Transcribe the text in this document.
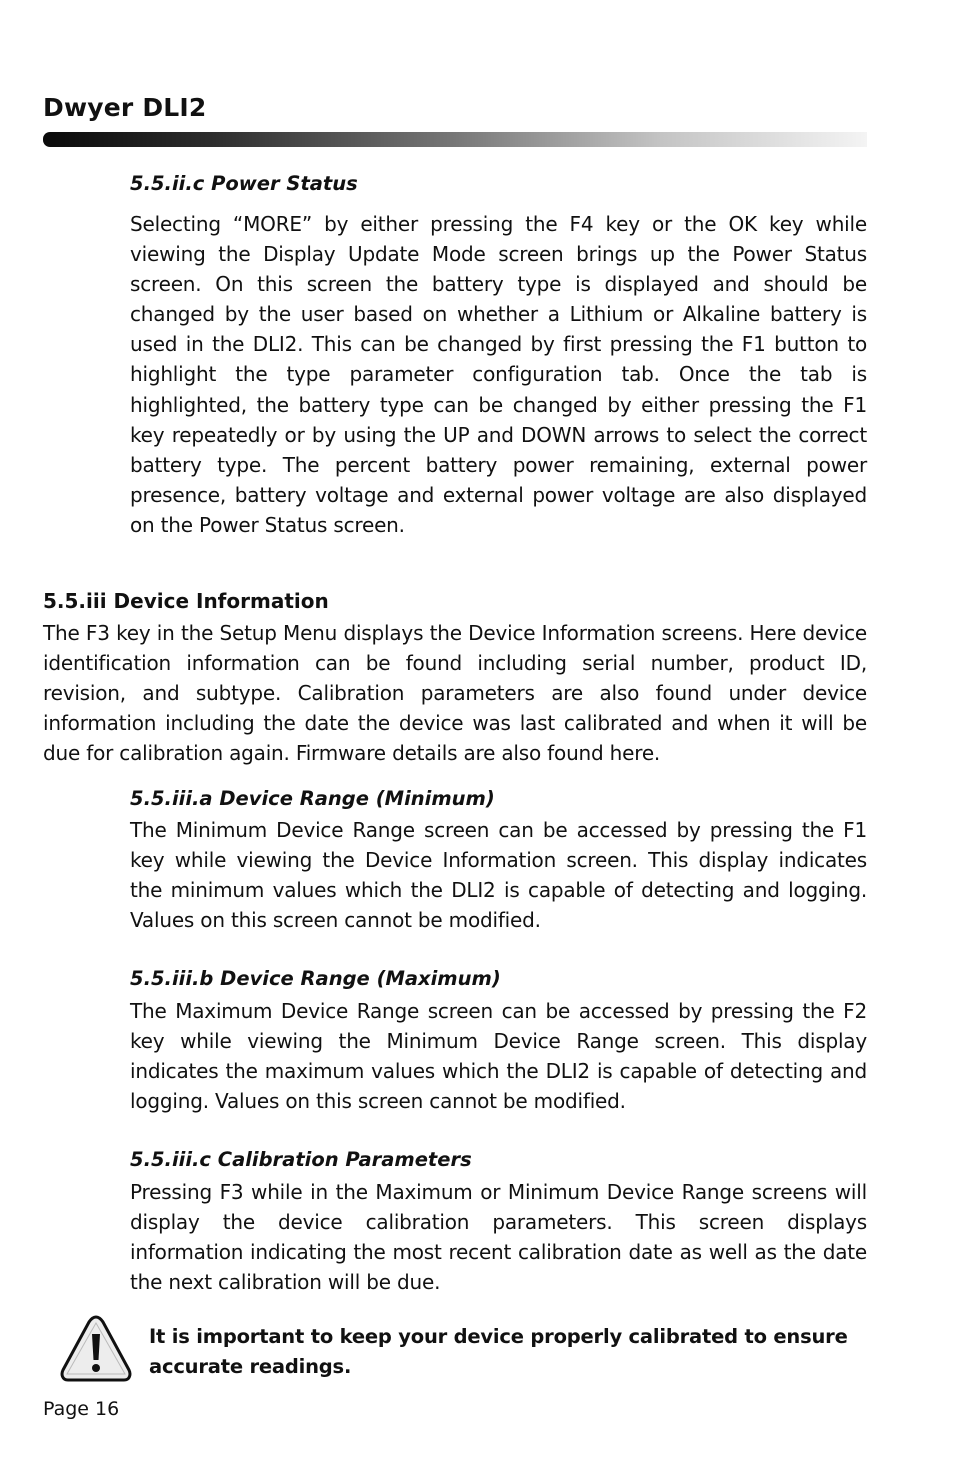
Dwyer DLI2

5.5.ii.c Power Status

Selecting “MORE” by either pressing the F4 key or the OK key while viewing the Display Update Mode screen brings up the Power Status screen. On this screen the battery type is displayed and should be changed by the user based on whether a Lithium or Alkaline battery is used in the DLI2. This can be changed by first pressing the F1 button to highlight the type parameter configuration tab. Once the tab is highlighted, the battery type can be changed by either pressing the F1 key repeatedly or by using the UP and DOWN arrows to select the correct battery type. The percent battery power remaining, external power presence, battery voltage and external power voltage are also displayed on the Power Status screen.

5.5.iii Device Information

The F3 key in the Setup Menu displays the Device Information screens. Here device identification information can be found including serial number, product ID, revision, and subtype. Calibration parameters are also found under device information including the date the device was last calibrated and when it will be due for calibration again. Firmware details are also found here.

5.5.iii.a Device Range (Minimum)

The Minimum Device Range screen can be accessed by pressing the F1 key while viewing the Device Information screen. This display indicates the minimum values which the DLI2 is capable of detecting and logging. Values on this screen cannot be modified.

5.5.iii.b Device Range (Maximum)

The Maximum Device Range screen can be accessed by pressing the F2 key while viewing the Minimum Device Range screen. This display indicates the maximum values which the DLI2 is capable of detecting and logging. Values on this screen cannot be modified.

5.5.iii.c Calibration Parameters

Pressing F3 while in the Maximum or Minimum Device Range screens will display the device calibration parameters. This screen displays information indicating the most recent calibration date as well as the date the next calibration will be due.

It is important to keep your device properly calibrated to ensure accurate readings.

Page 16
